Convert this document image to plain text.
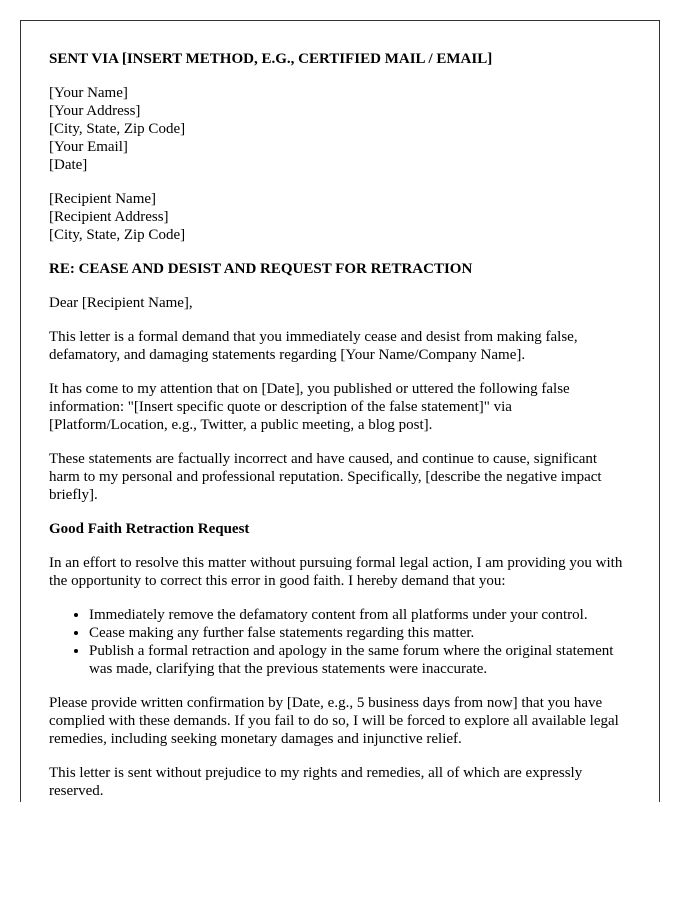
SENT VIA [INSERT METHOD, E.G., CERTIFIED MAIL / EMAIL]

[Your Name]
[Your Address]
[City, State, Zip Code]
[Your Email]
[Date]

[Recipient Name]
[Recipient Address]
[City, State, Zip Code]

RE: CEASE AND DESIST AND REQUEST FOR RETRACTION

Dear [Recipient Name],

This letter is a formal demand that you immediately cease and desist from making false, defamatory, and damaging statements regarding [Your Name/Company Name].

It has come to my attention that on [Date], you published or uttered the following false information: "[Insert specific quote or description of the false statement]" via [Platform/Location, e.g., Twitter, a public meeting, a blog post].

These statements are factually incorrect and have caused, and continue to cause, significant harm to my personal and professional reputation. Specifically, [describe the negative impact briefly].

Good Faith Retraction Request

In an effort to resolve this matter without pursuing formal legal action, I am providing you with the opportunity to correct this error in good faith. I hereby demand that you:

• Immediately remove the defamatory content from all platforms under your control.
• Cease making any further false statements regarding this matter.
• Publish a formal retraction and apology in the same forum where the original statement was made, clarifying that the previous statements were inaccurate.

Please provide written confirmation by [Date, e.g., 5 business days from now] that you have complied with these demands. If you fail to do so, I will be forced to explore all available legal remedies, including seeking monetary damages and injunctive relief.

This letter is sent without prejudice to my rights and remedies, all of which are expressly reserved.
